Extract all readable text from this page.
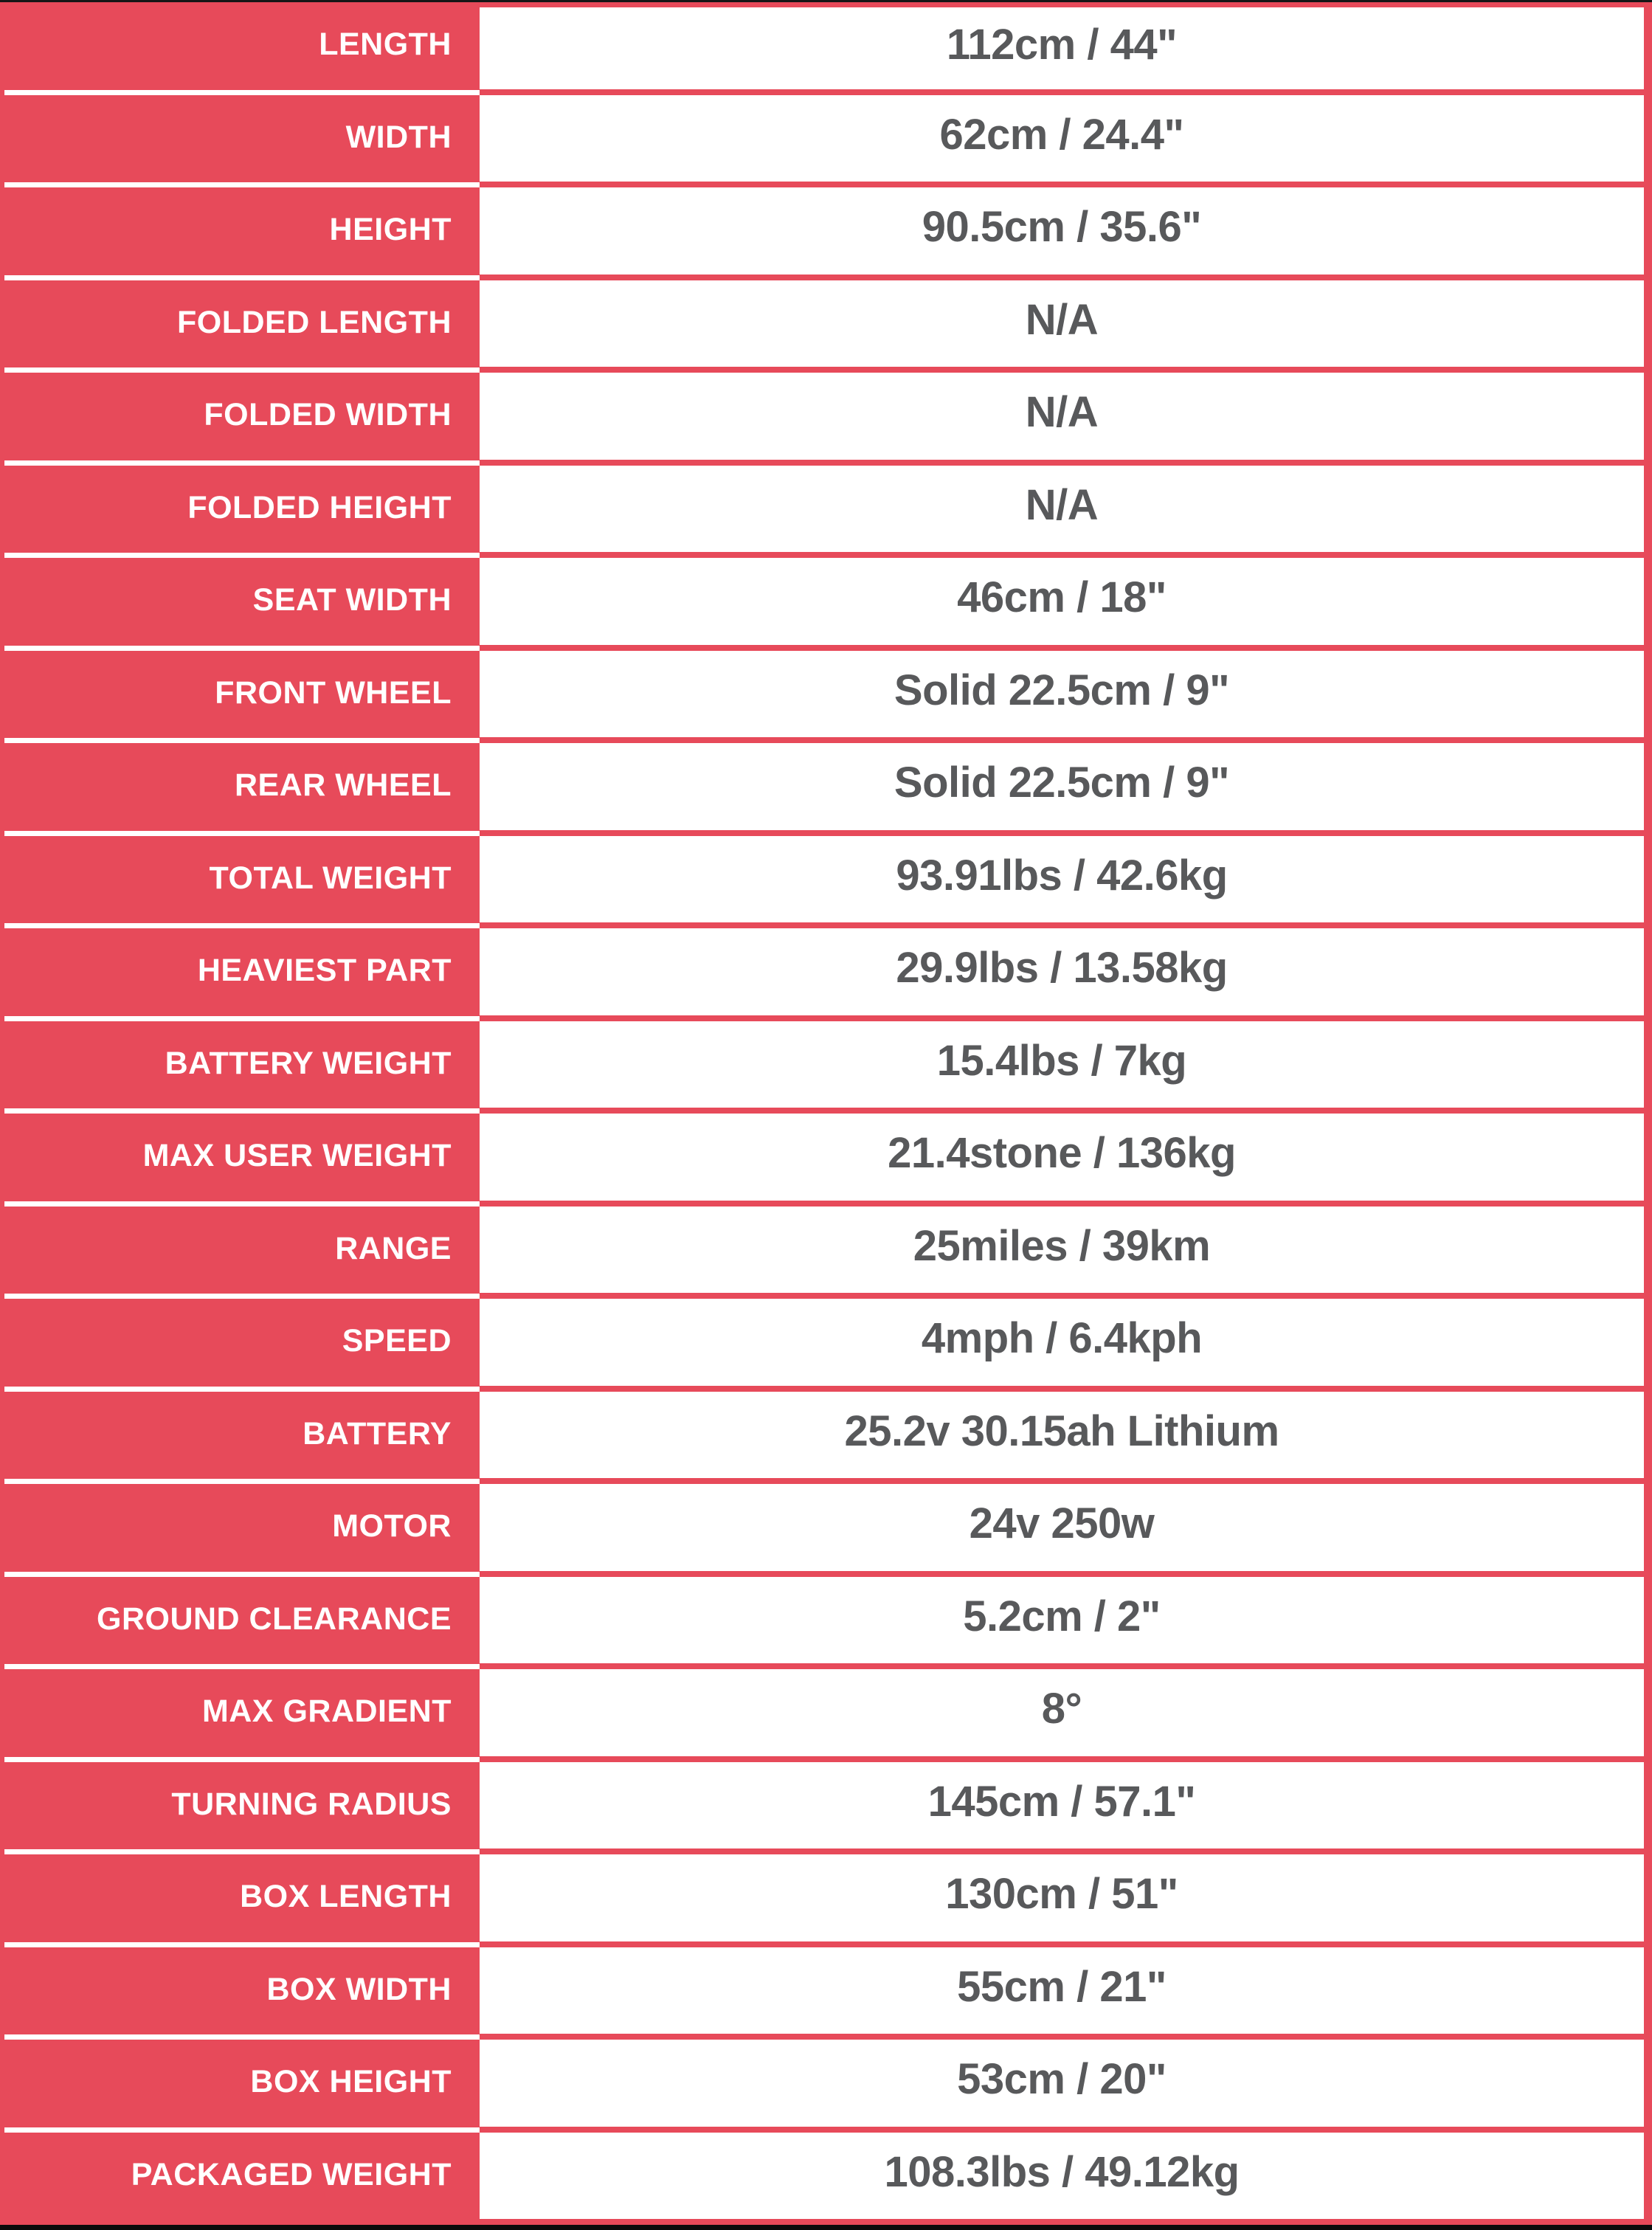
LENGTH	112cm / 44"
WIDTH	62cm / 24.4"
HEIGHT	90.5cm / 35.6"
FOLDED LENGTH	N/A
FOLDED WIDTH	N/A
FOLDED HEIGHT	N/A
SEAT WIDTH	46cm / 18"
FRONT WHEEL	Solid 22.5cm / 9"
REAR WHEEL	Solid 22.5cm / 9"
TOTAL WEIGHT	93.91lbs / 42.6kg
HEAVIEST PART	29.9lbs / 13.58kg
BATTERY WEIGHT	15.4lbs / 7kg
MAX USER WEIGHT	21.4stone / 136kg
RANGE	25miles / 39km
SPEED	4mph / 6.4kph
BATTERY	25.2v 30.15ah Lithium
MOTOR	24v 250w
GROUND CLEARANCE	5.2cm / 2"
MAX GRADIENT	8°
TURNING RADIUS	145cm / 57.1"
BOX LENGTH	130cm / 51"
BOX WIDTH	55cm / 21"
BOX HEIGHT	53cm / 20"
PACKAGED WEIGHT	108.3lbs / 49.12kg
